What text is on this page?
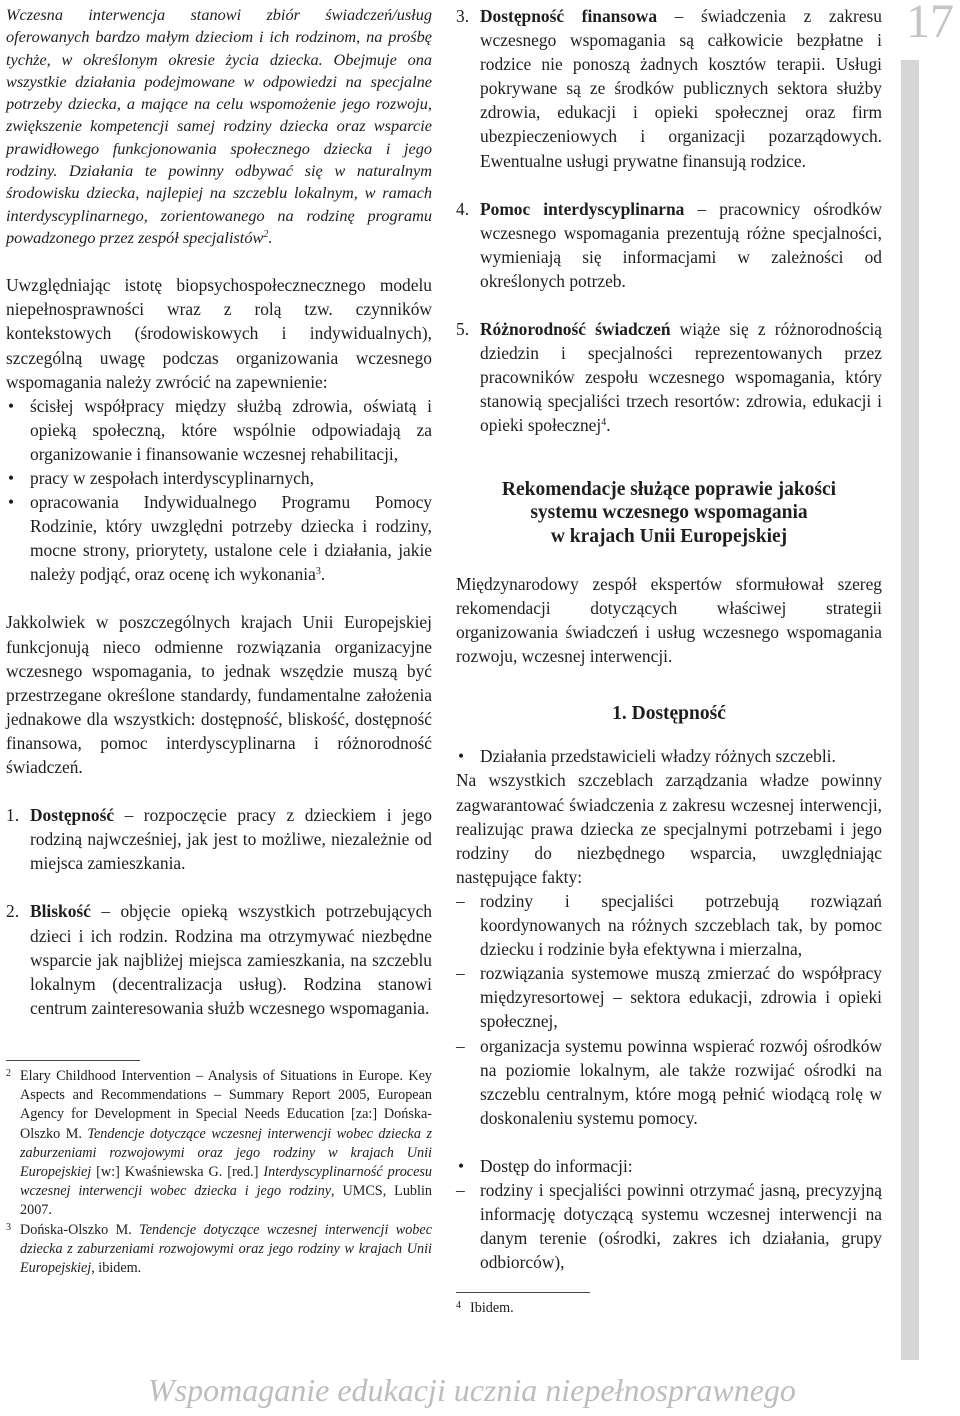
17

Wczesna interwencja stanowi zbiór świadczeń/usług oferowanych bardzo małym dzieciom i ich rodzinom, na prośbę tychże, w określonym okresie życia dziecka. Obejmuje ona wszystkie działania podejmowane w odpowiedzi na specjalne potrzeby dziecka, a mające na celu wspomożenie jego rozwoju, zwiększenie kompetencji samej rodziny dziecka oraz wsparcie prawidłowego funkcjonowania społecznego dziecka i jego rodziny. Działania te powinny odbywać się w naturalnym środowisku dziecka, najlepiej na szczeblu lokalnym, w ramach interdyscyplinarnego, zorientowanego na rodzinę programu powadzonego przez zespół specjalistów$^2$.

Uwzględniając istotę biopsychospołecznecznego modelu niepełnosprawności wraz z rolą tzw. czynników kontekstowych (środowiskowych i indywidualnych), szczególną uwagę podczas organizowania wczesnego wspomagania należy zwrócić na zapewnienie:

• ścisłej współpracy między służbą zdrowia, oświatą i opieką społeczną, które wspólnie odpowiadają za organizowanie i finansowanie wczesnej rehabilitacji,
• pracy w zespołach interdyscyplinarnych,
• opracowania Indywidualnego Programu Pomocy Rodzinie, który uwzględni potrzeby dziecka i rodziny, mocne strony, priorytety, ustalone cele i działania, jakie należy podjąć, oraz ocenę ich wykonania$^3$.

Jakkolwiek w poszczególnych krajach Unii Europejskiej funkcjonują nieco odmienne rozwiązania organizacyjne wczesnego wspomagania, to jednak wszędzie muszą być przestrzegane określone standardy, fundamentalne założenia jednakowe dla wszystkich: dostępność, bliskość, dostępność finansowa, pomoc interdyscyplinarna i różnorodność świadczeń.

1. Dostępność – rozpoczęcie pracy z dzieckiem i jego rodziną najwcześniej, jak jest to możliwe, niezależnie od miejsca zamieszkania.
2. Bliskość – objęcie opieką wszystkich potrzebujących dzieci i ich rodzin. Rodzina ma otrzymywać niezbędne wsparcie jak najbliżej miejsca zamieszkania, na szczeblu lokalnym (decentralizacja usług). Rodzina stanowi centrum zainteresowania służb wczesnego wspomagania.
2 Elary Childhood Intervention – Analysis of Situations in Europe. Key Aspects and Recommendations – Summary Report 2005, European Agency for Development in Special Needs Education [za:] Dońska-Olszko M. Tendencje dotyczące wczesnej interwencji wobec dziecka z zaburzeniami rozwojowymi oraz jego rodziny w krajach Unii Europejskiej [w:] Kwaśniewska G. [red.] Interdyscyplinarność procesu wczesnej interwencji wobec dziecka i jego rodziny, UMCS, Lublin 2007.
3 Dońska-Olszko M. Tendencje dotyczące wczesnej interwencji wobec dziecka z zaburzeniami rozwojowymi oraz jego rodziny w krajach Unii Europejskiej, ibidem.
3. Dostępność finansowa – świadczenia z zakresu wczesnego wspomagania są całkowicie bezpłatne i rodzice nie ponoszą żadnych kosztów terapii. Usługi pokrywane są ze środków publicznych sektora służby zdrowia, edukacji i opieki społecznej oraz firm ubezpieczeniowych i organizacji pozarządowych. Ewentualne usługi prywatne finansują rodzice.
4. Pomoc interdyscyplinarna – pracownicy ośrodków wczesnego wspomagania prezentują różne specjalności, wymieniają się informacjami w zależności od określonych potrzeb.
5. Różnorodność świadczeń wiąże się z różnorodnością dziedzin i specjalności reprezentowanych przez pracowników zespołu wczesnego wspomagania, który stanowią specjaliści trzech resortów: zdrowia, edukacji i opieki społecznej$^4$.
Rekomendacje służące poprawie jakości
systemu wczesnego wspomagania
w krajach Unii Europejskiej

Międzynarodowy zespół ekspertów sformułował szereg rekomendacji dotyczących właściwej strategii organizowania świadczeń i usług wczesnego wspomagania rozwoju, wczesnej interwencji.

1. Dostępność
• Działania przedstawicieli władzy różnych szczebli.

Na wszystkich szczeblach zarządzania władze powinny zagwarantować świadczenia z zakresu wczesnej interwencji, realizując prawa dziecka ze specjalnymi potrzebami i jego rodziny do niezbędnego wsparcia, uwzględniając następujące fakty:

– rodziny i specjaliści potrzebują rozwiązań koordynowanych na różnych szczeblach tak, by pomoc dziecku i rodzinie była efektywna i mierzalna,
– rozwiązania systemowe muszą zmierzać do współpracy międzyresortowej – sektora edukacji, zdrowia i opieki społecznej,
– organizacja systemu powinna wspierać rozwój ośrodków na poziomie lokalnym, ale także rozwijać ośrodki na szczeblu centralnym, które mogą pełnić wiodącą rolę w doskonaleniu systemu pomocy.
• Dostęp do informacji:
– rodziny i specjaliści powinni otrzymać jasną, precyzyjną informację dotyczącą systemu wczesnej interwencji na danym terenie (ośrodki, zakres ich działania, grupy odbiorców),
4 Ibidem.
Wspomaganie edukacji ucznia niepełnosprawnego
